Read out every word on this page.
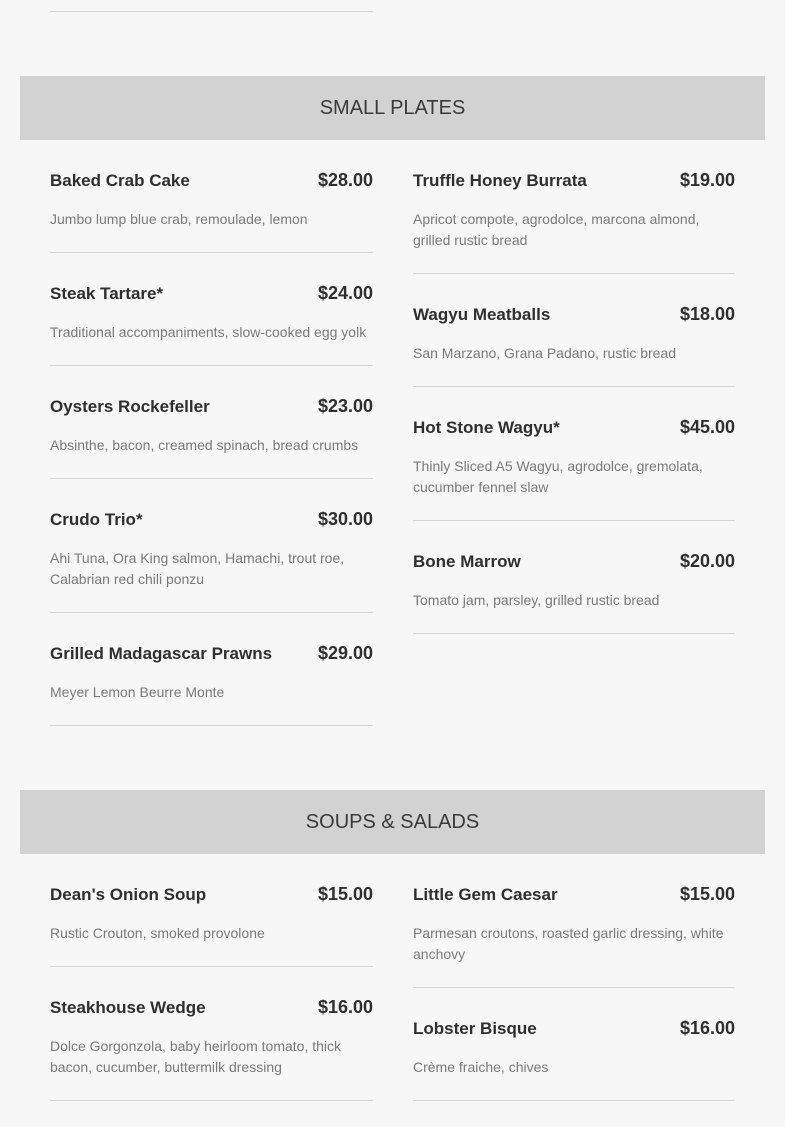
SMALL PLATES
Baked Crab Cake	$28.00
Jumbo lump blue crab, remoulade, lemon
Steak Tartare*	$24.00
Traditional accompaniments, slow-cooked egg yolk
Oysters Rockefeller	$23.00
Absinthe, bacon, creamed spinach, bread crumbs
Crudo Trio*	$30.00
Ahi Tuna, Ora King salmon, Hamachi, trout roe, Calabrian red chili ponzu
Grilled Madagascar Prawns	$29.00
Meyer Lemon Beurre Monte
Truffle Honey Burrata	$19.00
Apricot compote, agrodolce, marcona almond, grilled rustic bread
Wagyu Meatballs	$18.00
San Marzano, Grana Padano, rustic bread
Hot Stone Wagyu*	$45.00
Thinly Sliced A5 Wagyu, agrodolce, gremolata, cucumber fennel slaw
Bone Marrow	$20.00
Tomato jam, parsley, grilled rustic bread
SOUPS & SALADS
Dean's Onion Soup	$15.00
Rustic Crouton, smoked provolone
Steakhouse Wedge	$16.00
Dolce Gorgonzola, baby heirloom tomato, thick bacon, cucumber, buttermilk dressing
Little Gem Caesar	$15.00
Parmesan croutons, roasted garlic dressing, white anchovy
Lobster Bisque	$16.00
Crème fraiche, chives
